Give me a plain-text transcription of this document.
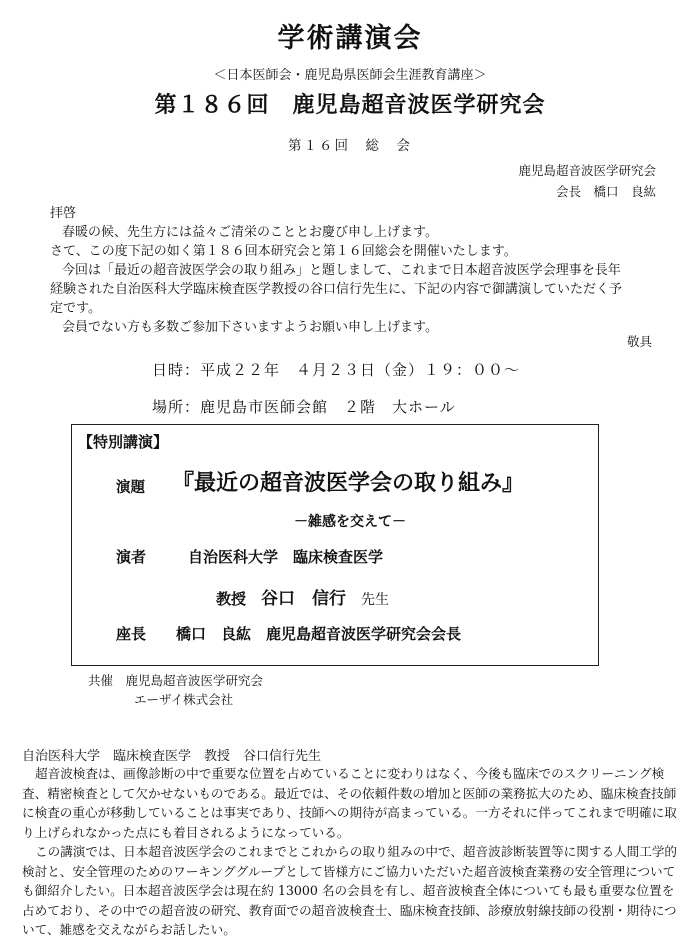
学術講演会
＜日本医師会・鹿児島県医師会生涯教育講座＞
第１８６回　鹿児島超音波医学研究会
第１６回　総　会
鹿児島超音波医学研究会
会長　橋口　良紘
拝啓
春暖の候、先生方には益々ご清栄のこととお慶び申し上げます。
さて、この度下記の如く第１８６回本研究会と第１６回総会を開催いたします。
今回は「最近の超音波医学会の取り組み」と題しまして、これまで日本超音波医学会理事を長年
経験された自治医科大学臨床検査医学教授の谷口信行先生に、下記の内容で御講演していただく予
定です。
会員でない方も多数ご参加下さいますようお願い申し上げます。
敬具
日時：平成２２年　４月２３日（金）１９：００～
場所：鹿児島市医師会館　２階　大ホール
【特別講演】
演題 『最近の超音波医学会の取り組み』
－雑感を交えて－
演者	自治医科大学　臨床検査医学
教授　 谷口　信行　 先生
座長　　橋口　良紘　鹿児島超音波医学研究会会長
共催　鹿児島超音波医学研究会
エーザイ株式会社
自治医科大学　臨床検査医学　教授　谷口信行先生
超音波検査は、画像診断の中で重要な位置を占めていることに変わりはなく、今後も臨床でのスクリーニング検査、精密検査として欠かせないものである。最近では、その依頼件数の増加と医師の業務拡大のため、臨床検査技師に検査の重心が移動していることは事実であり、技師への期待が高まっている。一方それに伴ってこれまで明確に取り上げられなかった点にも着目されるようになっている。
この講演では、日本超音波医学会のこれまでとこれからの取り組みの中で、超音波診断装置等に関する人間工学的検討と、安全管理のためのワーキンググループとして皆様方にご協力いただいた超音波検査業務の安全管理についても御紹介したい。日本超音波医学会は現在約 13000 名の会員を有し、超音波検査全体についても最も重要な位置を占めており、その中での超音波の研究、教育面での超音波検査士、臨床検査技師、診療放射線技師の役割・期待について、雑感を交えながらお話したい。
